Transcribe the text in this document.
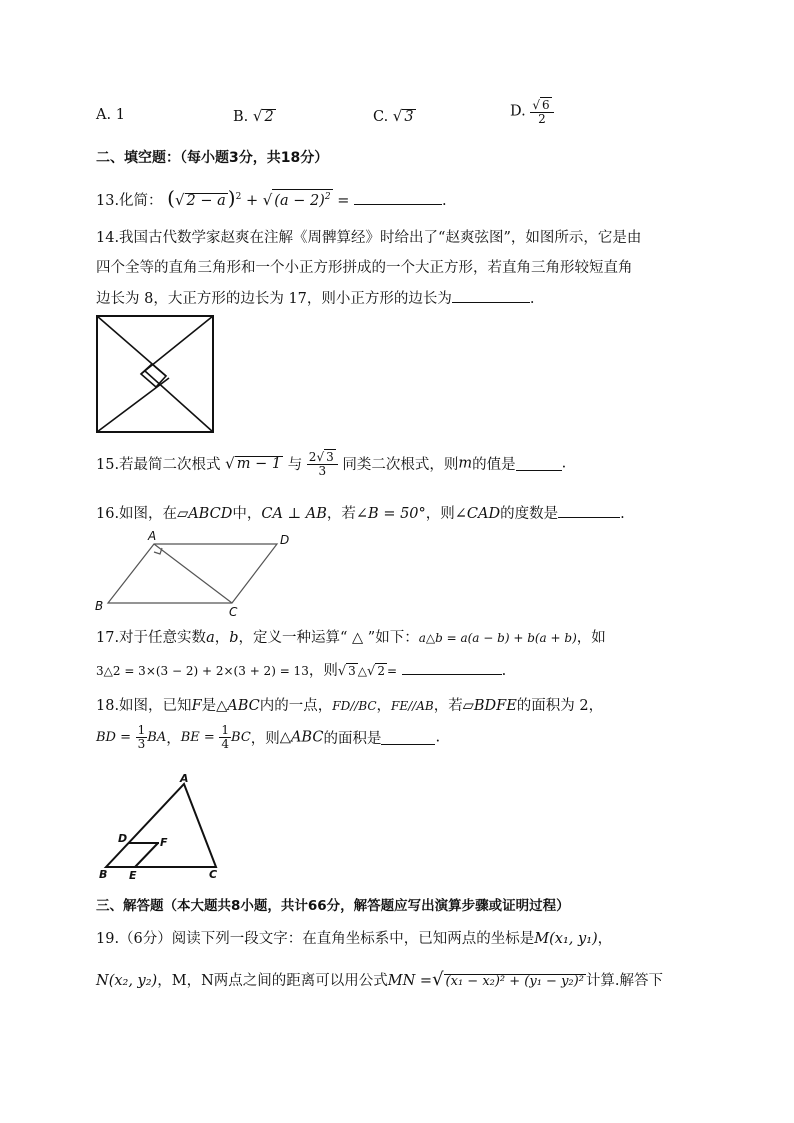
A. 1	B. √ 2	C. √ 3	D. $\frac{√ 6}{2}$
二、填空题：（每小题3分，共18分）
13.化简： (√ 2 − a )$^2$ + √ $(a - 2)^2$ =	.
14.我国古代数学家赵爽在注解《周髀算经》时给出了“赵爽弦图”，如图所示，它是由
四个全等的直角三角形和一个小正方形拼成的一个大正方形，若直角三角形较短直角
边长为 8，大正方形的边长为 17，则小正方形的边长为	.
15.若最简二次根式 √ m − 1 与 $\frac{2√ 3}{3}$ 同类二次根式，则m的值是	.
16.如图，在▱ABCD中，CA ⊥ AB，若∠B = 50°，则∠CAD的度数是	.
A
B	C
D
17.对于任意实数a，b，定义一种运算“ △ ”如下：a△b = a(a − b) + b(a + b)，如
3△2 = 3×(3 − 2) + 2×(3 + 2) = 13，则√ 3 △√ 2 =	.
18.如图，已知F是△ABC内的一点，FD//BC，FE//AB，若▱BDFE的面积为 2，
BD = $\frac{1}{3}$ BA，BE = $\frac{1}{4}$ BC，则△ABC的面积是	.
A
B	C
D
E
F
三、解答题（本大题共8小题，共计66分，解答题应写出演算步骤或证明过程）
19.（6分）阅读下列一段文字：在直角坐标系中，已知两点的坐标是M(x₁, y₁)，
N(x₂, y₂)，M，N两点之间的距离可以用公式MN =√ (x₁ − x₂)² + (y₁ − y₂)² 计算.解答下
